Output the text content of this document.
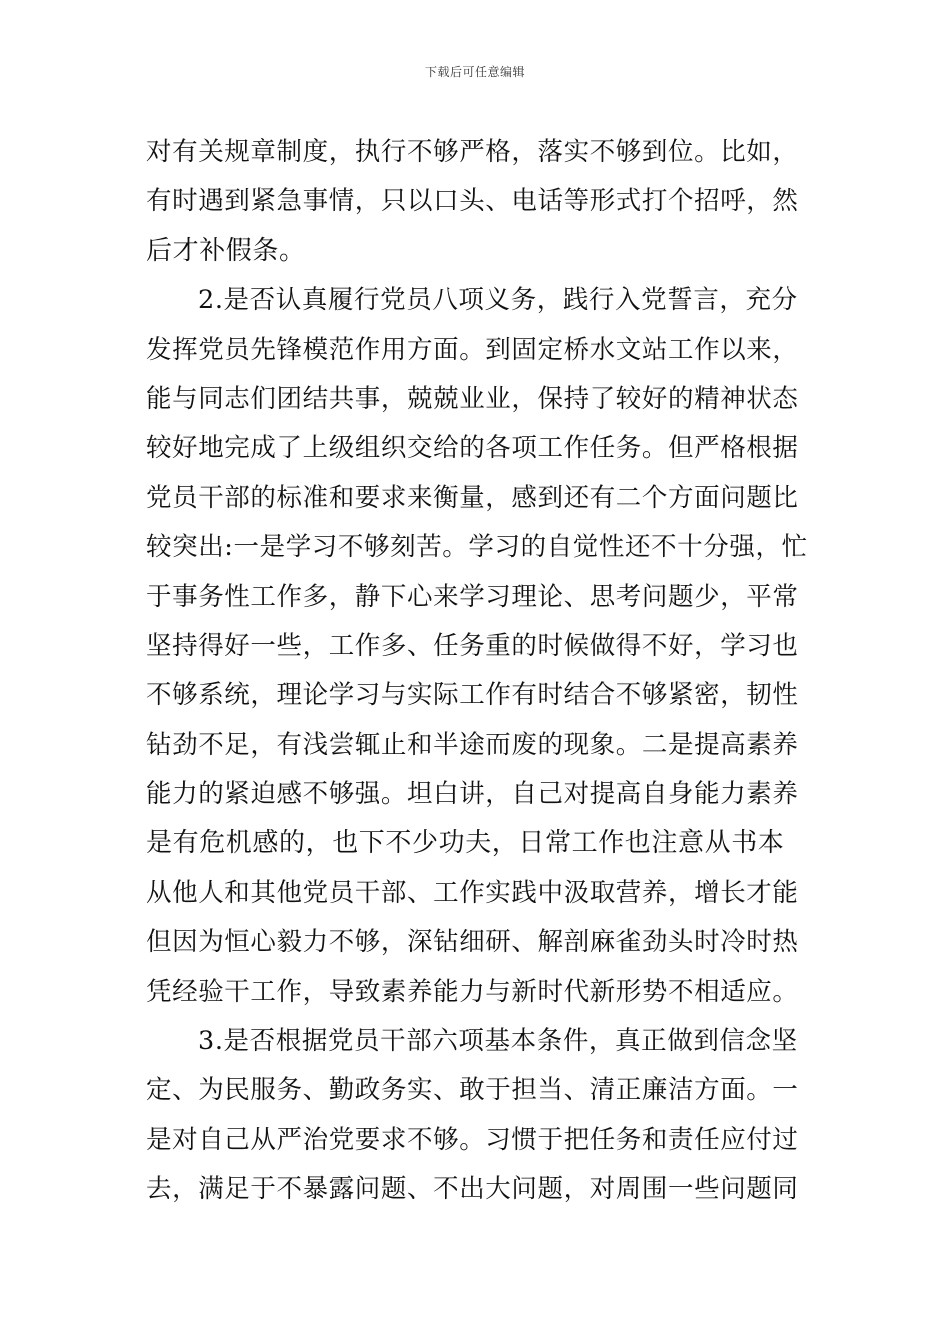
下载后可任意编辑
对有关规章制度，执行不够严格，落实不够到位。比如，
有时遇到紧急事情，只以口头、电话等形式打个招呼，然
后才补假条。
2.是否认真履行党员八项义务，践行入党誓言，充分
发挥党员先锋模范作用方面。到固定桥水文站工作以来，
能与同志们团结共事，兢兢业业，保持了较好的精神状态
较好地完成了上级组织交给的各项工作任务。但严格根据
党员干部的标准和要求来衡量，感到还有二个方面问题比
较突出:一是学习不够刻苦。学习的自觉性还不十分强，忙
于事务性工作多，静下心来学习理论、思考问题少，平常
坚持得好一些，工作多、任务重的时候做得不好，学习也
不够系统，理论学习与实际工作有时结合不够紧密，韧性
钻劲不足，有浅尝辄止和半途而废的现象。二是提高素养
能力的紧迫感不够强。坦白讲，自己对提高自身能力素养
是有危机感的，也下不少功夫，日常工作也注意从书本
从他人和其他党员干部、工作实践中汲取营养，增长才能
但因为恒心毅力不够，深钻细研、解剖麻雀劲头时冷时热
凭经验干工作，导致素养能力与新时代新形势不相适应。
3.是否根据党员干部六项基本条件，真正做到信念坚
定、为民服务、勤政务实、敢于担当、清正廉洁方面。一
是对自己从严治党要求不够。习惯于把任务和责任应付过
去，满足于不暴露问题、不出大问题，对周围一些问题同
